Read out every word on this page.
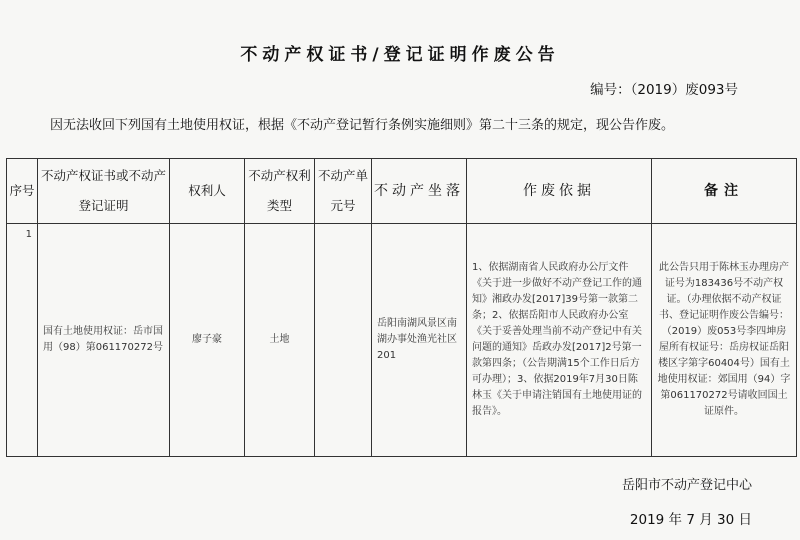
不动产权证书/登记证明作废公告
编号：（2019）废093号
因无法收回下列国有土地使用权证，根据《不动产登记暂行条例实施细则》第二十三条的规定，现公告作废。
序号	不动产权证书或不动产登记证明	权利人	不动产权利类型	不动产单元号	不动产坐落	作废依据	备注
1	国有土地使用权证：岳市国用（98）第061170272号	廖子豪	土地		岳阳南湖风景区南湖办事处渔光社区201	1、依据湖南省人民政府办公厅文件《关于进一步做好不动产登记工作的通知》湘政办发[2017]39号第一款第二条；2、依据岳阳市人民政府办公室《关于妥善处理当前不动产登记中有关问题的通知》岳政办发[2017]2号第一款第四条；（公告期满15个工作日后方可办理）；3、依据2019年7月30日陈林玉《关于申请注销国有土地使用证的报告》。	此公告只用于陈林玉办理房产证号为183436号不动产权证。（办理依据不动产权证书、登记证明作废公告编号：（2019）废053号李四坤房屋所有权证号：岳房权证岳阳楼区字第字60404号）国有土地使用权证：郊国用（94）字第061170272号请收回国土证原件。
岳阳市不动产登记中心
2019 年 7 月 30 日
